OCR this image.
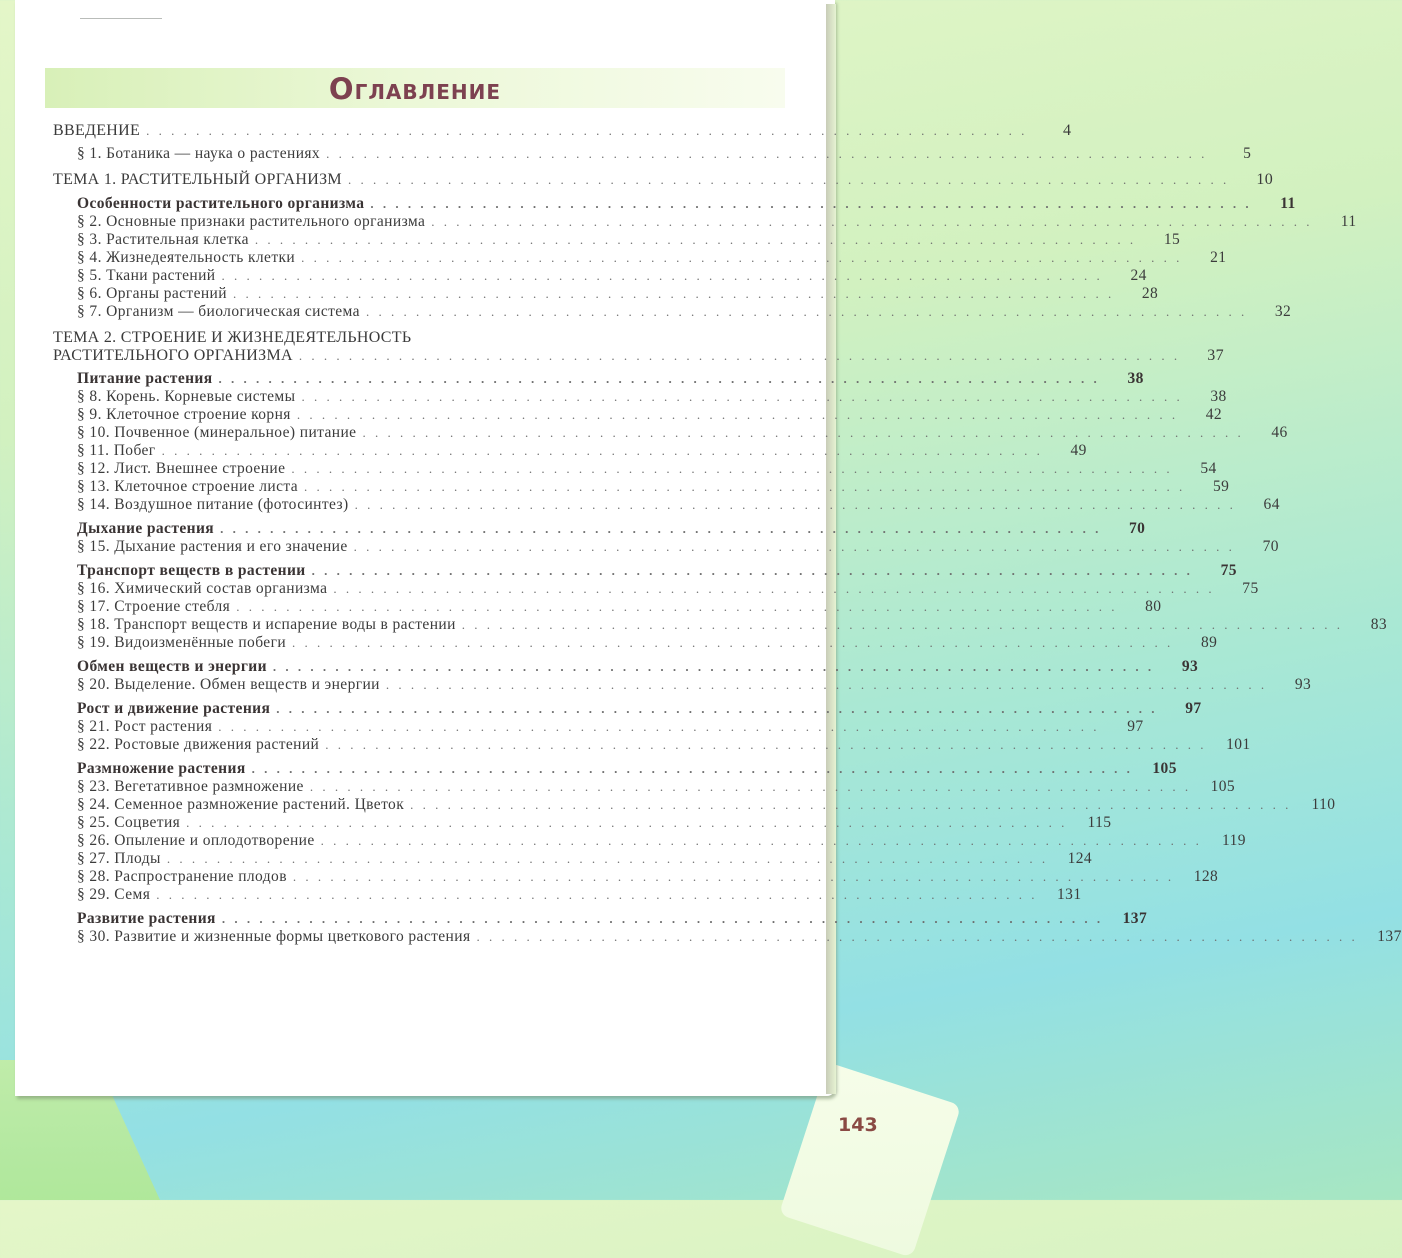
143
Оглавление
ВВЕДЕНИЕ . . . . . . . . . . . . . . . . . . . . . . . . . . . . . . . . . . . . . . . . . . . . . . . . . . . . . . . . . . . . . . . . . . . . . . .	4
§ 1. Ботаника — наука о растениях . . . . . . . . . . . . . . . . . . . . . . . . . . . . . . . . . . . . . . . . . . . . . . . . . . . . . . . . . . . . . . . . . . . . . . .	5
ТЕМА 1. РАСТИТЕЛЬНЫЙ ОРГАНИЗМ . . . . . . . . . . . . . . . . . . . . . . . . . . . . . . . . . . . . . . . . . . . . . . . . . . . . . . . . . . . . . . . . . . . . . . .	10
Особенности растительного организма . . . . . . . . . . . . . . . . . . . . . . . . . . . . . . . . . . . . . . . . . . . . . . . . . . . . . . . . . . . . . . . . . . . . . . .	11
§ 2. Основные признаки растительного организма . . . . . . . . . . . . . . . . . . . . . . . . . . . . . . . . . . . . . . . . . . . . . . . . . . . . . . . . . . . . . . . . . . . . . . .	11
§ 3. Растительная клетка . . . . . . . . . . . . . . . . . . . . . . . . . . . . . . . . . . . . . . . . . . . . . . . . . . . . . . . . . . . . . . . . . . . . . . .	15
§ 4. Жизнедеятельность клетки . . . . . . . . . . . . . . . . . . . . . . . . . . . . . . . . . . . . . . . . . . . . . . . . . . . . . . . . . . . . . . . . . . . . . . .	21
§ 5. Ткани растений . . . . . . . . . . . . . . . . . . . . . . . . . . . . . . . . . . . . . . . . . . . . . . . . . . . . . . . . . . . . . . . . . . . . . . .	24
§ 6. Органы растений . . . . . . . . . . . . . . . . . . . . . . . . . . . . . . . . . . . . . . . . . . . . . . . . . . . . . . . . . . . . . . . . . . . . . . .	28
§ 7. Организм — биологическая система . . . . . . . . . . . . . . . . . . . . . . . . . . . . . . . . . . . . . . . . . . . . . . . . . . . . . . . . . . . . . . . . . . . . . . .	32
ТЕМА 2. СТРОЕНИЕ И ЖИЗНЕДЕЯТЕЛЬНОСТЬ
РАСТИТЕЛЬНОГО ОРГАНИЗМА . . . . . . . . . . . . . . . . . . . . . . . . . . . . . . . . . . . . . . . . . . . . . . . . . . . . . . . . . . . . . . . . . . . . . . .	37
Питание растения . . . . . . . . . . . . . . . . . . . . . . . . . . . . . . . . . . . . . . . . . . . . . . . . . . . . . . . . . . . . . . . . . . . . . . .	38
§ 8. Корень. Корневые системы . . . . . . . . . . . . . . . . . . . . . . . . . . . . . . . . . . . . . . . . . . . . . . . . . . . . . . . . . . . . . . . . . . . . . . .	38
§ 9. Клеточное строение корня . . . . . . . . . . . . . . . . . . . . . . . . . . . . . . . . . . . . . . . . . . . . . . . . . . . . . . . . . . . . . . . . . . . . . . .	42
§ 10. Почвенное (минеральное) питание . . . . . . . . . . . . . . . . . . . . . . . . . . . . . . . . . . . . . . . . . . . . . . . . . . . . . . . . . . . . . . . . . . . . . . .	46
§ 11. Побег . . . . . . . . . . . . . . . . . . . . . . . . . . . . . . . . . . . . . . . . . . . . . . . . . . . . . . . . . . . . . . . . . . . . . . .	49
§ 12. Лист. Внешнее строение . . . . . . . . . . . . . . . . . . . . . . . . . . . . . . . . . . . . . . . . . . . . . . . . . . . . . . . . . . . . . . . . . . . . . . .	54
§ 13. Клеточное строение листа . . . . . . . . . . . . . . . . . . . . . . . . . . . . . . . . . . . . . . . . . . . . . . . . . . . . . . . . . . . . . . . . . . . . . . .	59
§ 14. Воздушное питание (фотосинтез) . . . . . . . . . . . . . . . . . . . . . . . . . . . . . . . . . . . . . . . . . . . . . . . . . . . . . . . . . . . . . . . . . . . . . . .	64
Дыхание растения . . . . . . . . . . . . . . . . . . . . . . . . . . . . . . . . . . . . . . . . . . . . . . . . . . . . . . . . . . . . . . . . . . . . . . .	70
§ 15. Дыхание растения и его значение . . . . . . . . . . . . . . . . . . . . . . . . . . . . . . . . . . . . . . . . . . . . . . . . . . . . . . . . . . . . . . . . . . . . . . .	70
Транспорт веществ в растении . . . . . . . . . . . . . . . . . . . . . . . . . . . . . . . . . . . . . . . . . . . . . . . . . . . . . . . . . . . . . . . . . . . . . . .	75
§ 16. Химический состав организма . . . . . . . . . . . . . . . . . . . . . . . . . . . . . . . . . . . . . . . . . . . . . . . . . . . . . . . . . . . . . . . . . . . . . . .	75
§ 17. Строение стебля . . . . . . . . . . . . . . . . . . . . . . . . . . . . . . . . . . . . . . . . . . . . . . . . . . . . . . . . . . . . . . . . . . . . . . .	80
§ 18. Транспорт веществ и испарение воды в растении . . . . . . . . . . . . . . . . . . . . . . . . . . . . . . . . . . . . . . . . . . . . . . . . . . . . . . . . . . . . . . . . . . . . . . .	83
§ 19. Видоизменённые побеги . . . . . . . . . . . . . . . . . . . . . . . . . . . . . . . . . . . . . . . . . . . . . . . . . . . . . . . . . . . . . . . . . . . . . . .	89
Обмен веществ и энергии . . . . . . . . . . . . . . . . . . . . . . . . . . . . . . . . . . . . . . . . . . . . . . . . . . . . . . . . . . . . . . . . . . . . . . .	93
§ 20. Выделение. Обмен веществ и энергии . . . . . . . . . . . . . . . . . . . . . . . . . . . . . . . . . . . . . . . . . . . . . . . . . . . . . . . . . . . . . . . . . . . . . . .	93
Рост и движение растения . . . . . . . . . . . . . . . . . . . . . . . . . . . . . . . . . . . . . . . . . . . . . . . . . . . . . . . . . . . . . . . . . . . . . . .	97
§ 21. Рост растения . . . . . . . . . . . . . . . . . . . . . . . . . . . . . . . . . . . . . . . . . . . . . . . . . . . . . . . . . . . . . . . . . . . . . . .	97
§ 22. Ростовые движения растений . . . . . . . . . . . . . . . . . . . . . . . . . . . . . . . . . . . . . . . . . . . . . . . . . . . . . . . . . . . . . . . . . . . . . . .	101
Размножение растения . . . . . . . . . . . . . . . . . . . . . . . . . . . . . . . . . . . . . . . . . . . . . . . . . . . . . . . . . . . . . . . . . . . . . . .	105
§ 23. Вегетативное размножение . . . . . . . . . . . . . . . . . . . . . . . . . . . . . . . . . . . . . . . . . . . . . . . . . . . . . . . . . . . . . . . . . . . . . . .	105
§ 24. Семенное размножение растений. Цветок . . . . . . . . . . . . . . . . . . . . . . . . . . . . . . . . . . . . . . . . . . . . . . . . . . . . . . . . . . . . . . . . . . . . . . .	110
§ 25. Соцветия . . . . . . . . . . . . . . . . . . . . . . . . . . . . . . . . . . . . . . . . . . . . . . . . . . . . . . . . . . . . . . . . . . . . . . .	115
§ 26. Опыление и оплодотворение . . . . . . . . . . . . . . . . . . . . . . . . . . . . . . . . . . . . . . . . . . . . . . . . . . . . . . . . . . . . . . . . . . . . . . .	119
§ 27. Плоды . . . . . . . . . . . . . . . . . . . . . . . . . . . . . . . . . . . . . . . . . . . . . . . . . . . . . . . . . . . . . . . . . . . . . . .	124
§ 28. Распространение плодов . . . . . . . . . . . . . . . . . . . . . . . . . . . . . . . . . . . . . . . . . . . . . . . . . . . . . . . . . . . . . . . . . . . . . . .	128
§ 29. Семя . . . . . . . . . . . . . . . . . . . . . . . . . . . . . . . . . . . . . . . . . . . . . . . . . . . . . . . . . . . . . . . . . . . . . . .	131
Развитие растения . . . . . . . . . . . . . . . . . . . . . . . . . . . . . . . . . . . . . . . . . . . . . . . . . . . . . . . . . . . . . . . . . . . . . . .	137
§ 30. Развитие и жизненные формы цветкового растения . . . . . . . . . . . . . . . . . . . . . . . . . . . . . . . . . . . . . . . . . . . . . . . . . . . . . . . . . . . . . . . . . . . . . . .	137
